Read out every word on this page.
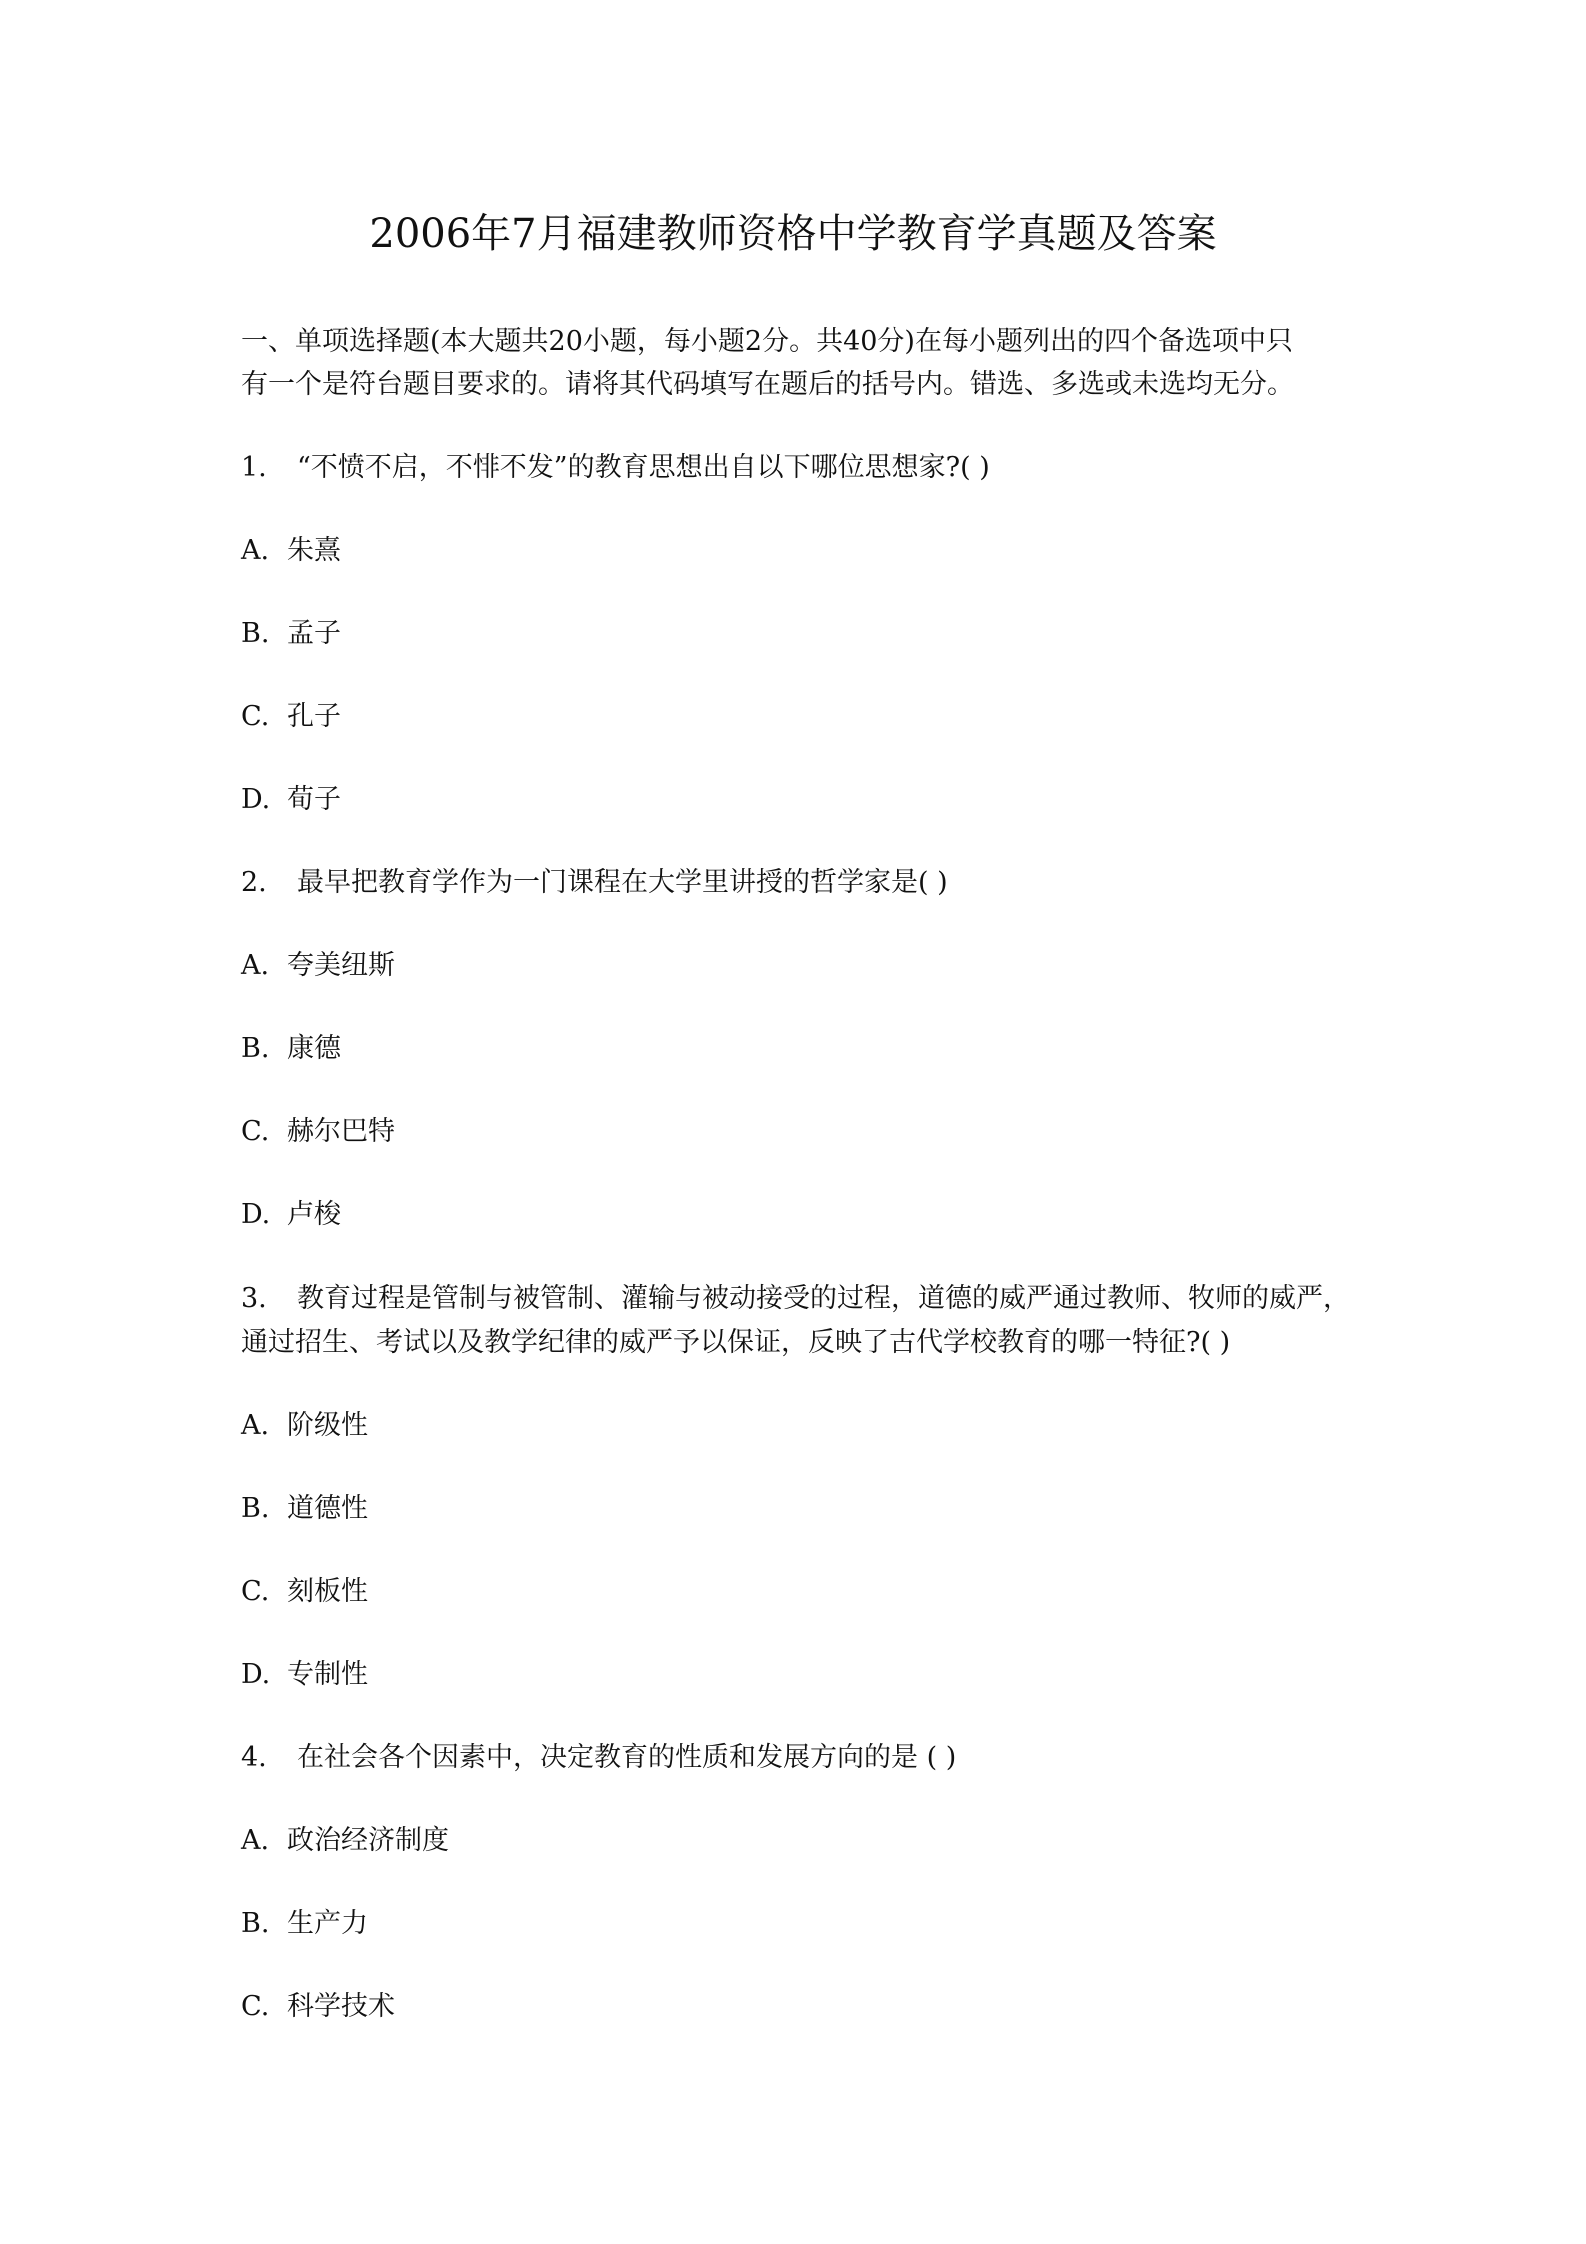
2006年7月福建教师资格中学教育学真题及答案

一、单项选择题(本大题共20小题，每小题2分。共40分)在每小题列出的四个备选项中只

有一个是符台题目要求的。请将其代码填写在题后的括号内。错选、多选或未选均无分。

1. “不愤不启，不悱不发”的教育思想出自以下哪位思想家?( )

A. 朱熹

B. 孟子

C. 孔子

D. 荀子

2. 最早把教育学作为一门课程在大学里讲授的哲学家是( )

A. 夸美纽斯

B. 康德

C. 赫尔巴特

D. 卢梭

3. 教育过程是管制与被管制、灌输与被动接受的过程，道德的威严通过教师、牧师的威严，

通过招生、考试以及教学纪律的威严予以保证，反映了古代学校教育的哪一特征?( )

A. 阶级性

B. 道德性

C. 刻板性

D. 专制性

4. 在社会各个因素中，决定教育的性质和发展方向的是 ( )

A. 政治经济制度

B. 生产力

C. 科学技术
